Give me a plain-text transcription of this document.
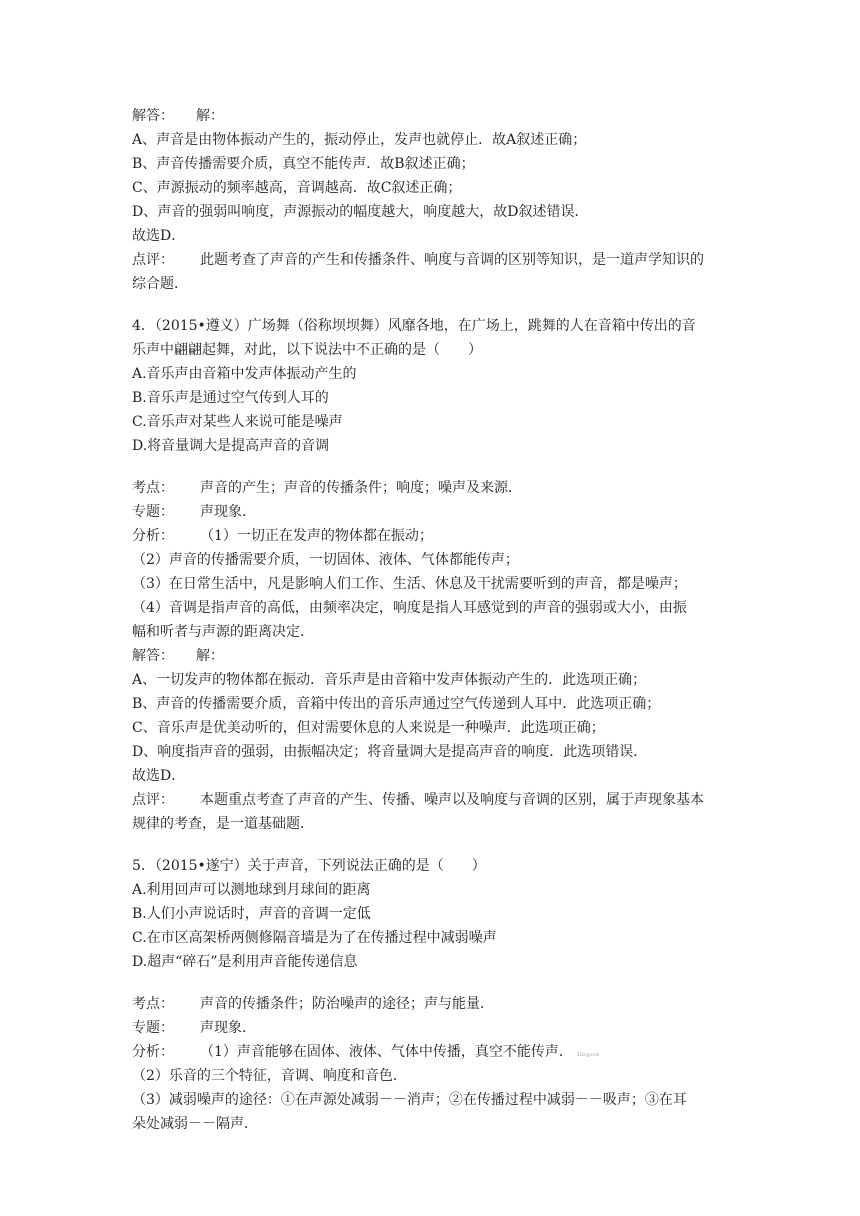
解答： 解：
A、声音是由物体振动产生的，振动停止，发声也就停止．故A叙述正确；
B、声音传播需要介质，真空不能传声．故B叙述正确；
C、声源振动的频率越高，音调越高．故C叙述正确；
D、声音的强弱叫响度，声源振动的幅度越大，响度越大，故D叙述错误．
故选D．
点评： 此题考查了声音的产生和传播条件、响度与音调的区别等知识，是一道声学知识的
综合题．
4．（2015•遵义）广场舞（俗称坝坝舞）风靡各地，在广场上，跳舞的人在音箱中传出的音
乐声中翩翩起舞，对此，以下说法中不正确的是（　　）
A.音乐声由音箱中发声体振动产生的
B.音乐声是通过空气传到人耳的
C.音乐声对某些人来说可能是噪声
D.将音量调大是提高声音的音调
考点： 声音的产生；声音的传播条件；响度；噪声及来源．
专题： 声现象．
分析： （1）一切正在发声的物体都在振动；
（2）声音的传播需要介质，一切固体、液体、气体都能传声；
（3）在日常生活中，凡是影响人们工作、生活、休息及干扰需要听到的声音，都是噪声；
（4）音调是指声音的高低，由频率决定，响度是指人耳感觉到的声音的强弱或大小，由振
幅和听者与声源的距离决定．
解答： 解：
A、一切发声的物体都在振动．音乐声是由音箱中发声体振动产生的．此选项正确；
B、声音的传播需要介质，音箱中传出的音乐声通过空气传递到人耳中．此选项正确；
C、音乐声是优美动听的，但对需要休息的人来说是一种噪声．此选项正确；
D、响度指声音的强弱，由振幅决定；将音量调大是提高声音的响度．此选项错误．
故选D．
点评： 本题重点考查了声音的产生、传播、噪声以及响度与音调的区别，属于声现象基本
规律的考查，是一道基础题．
5．（2015•遂宁）关于声音，下列说法正确的是（　　）
A.利用回声可以测地球到月球间的距离
B.人们小声说话时，声音的音调一定低
C.在市区高架桥两侧修隔音墙是为了在传播过程中减弱噪声
D.超声“碎石”是利用声音能传递信息
考点： 声音的传播条件；防治噪声的途径；声与能量．
专题： 声现象．
分析： （1）声音能够在固体、液体、气体中传播，真空不能传声． 21cnjy.com
（2）乐音的三个特征，音调、响度和音色．
（3）减弱噪声的途径：①在声源处减弱－－消声；②在传播过程中减弱－－吸声；③在耳
朵处减弱－－隔声．
